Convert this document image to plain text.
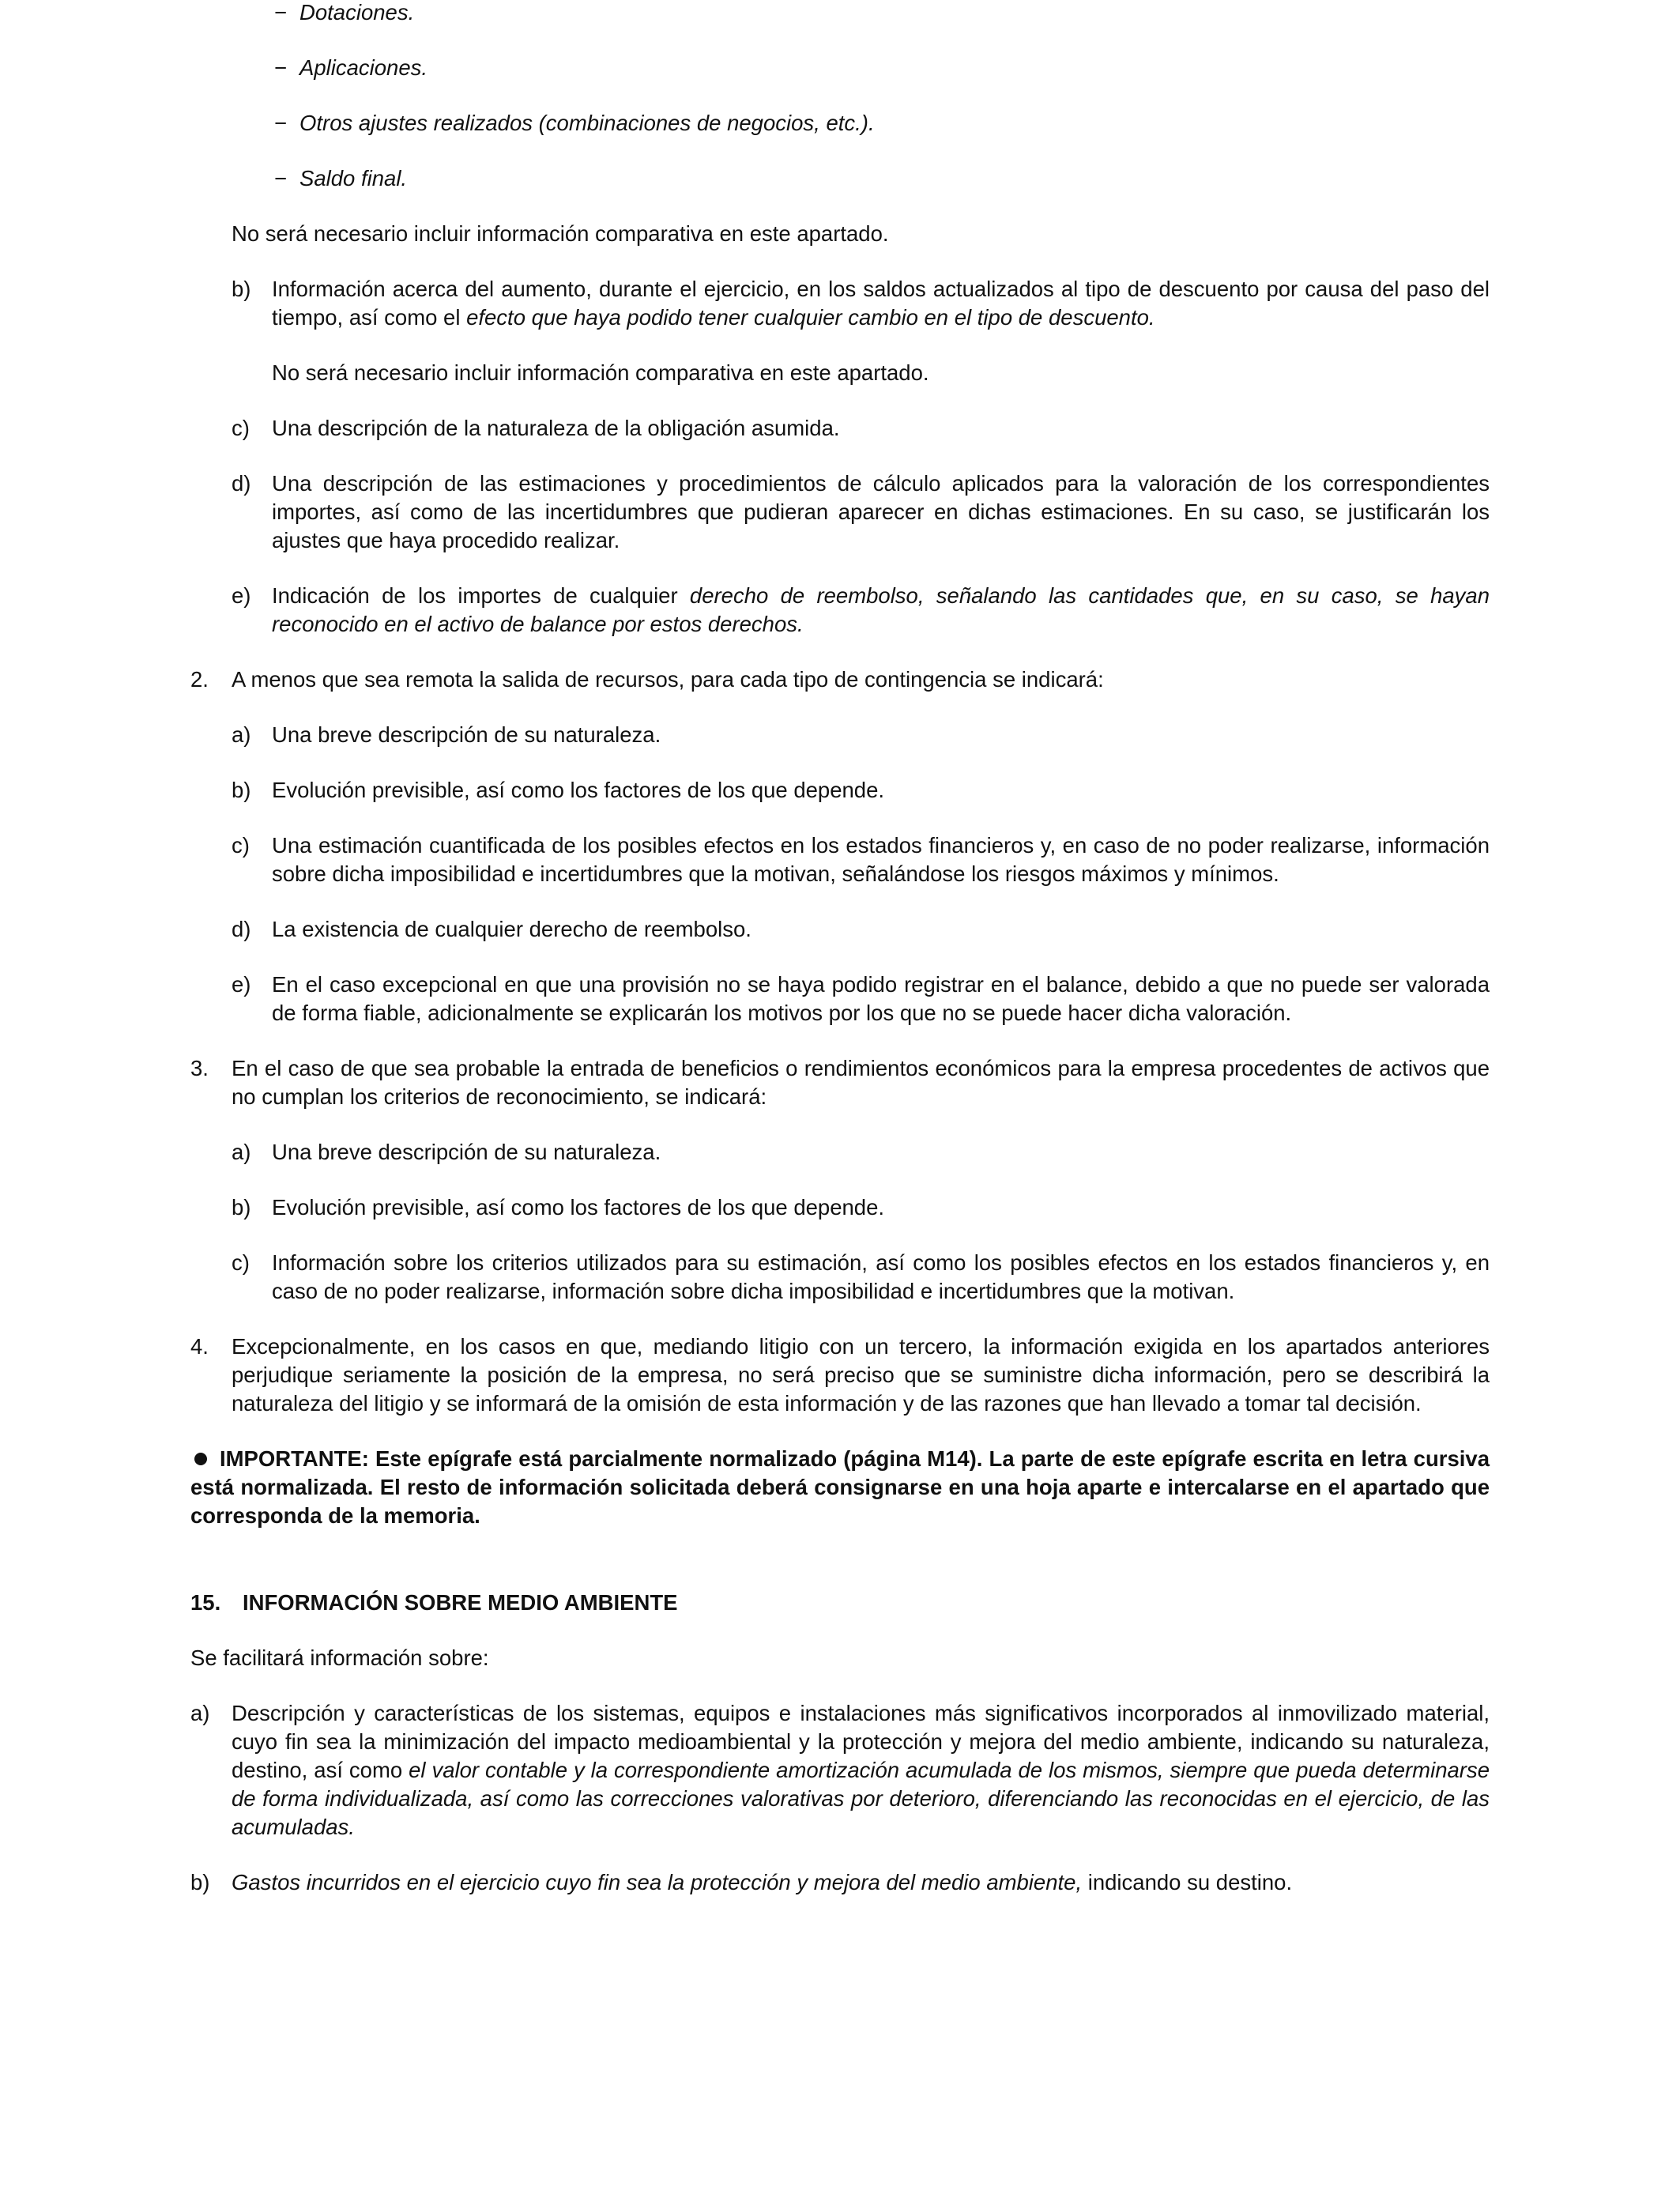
− Dotaciones.

− Aplicaciones.

− Otros ajustes realizados (combinaciones de negocios, etc.).

− Saldo final.

No será necesario incluir información comparativa en este apartado.

b) Información acerca del aumento, durante el ejercicio, en los saldos actualizados al tipo de descuento por causa del paso del tiempo, así como el efecto que haya podido tener cualquier cambio en el tipo de descuento.

No será necesario incluir información comparativa en este apartado.

c) Una descripción de la naturaleza de la obligación asumida.
d) Una descripción de las estimaciones y procedimientos de cálculo aplicados para la valoración de los correspondientes importes, así como de las incertidumbres que pudieran aparecer en dichas estimaciones. En su caso, se justificarán los ajustes que haya procedido realizar.
e) Indicación de los importes de cualquier derecho de reembolso, señalando las cantidades que, en su caso, se hayan reconocido en el activo de balance por estos derechos.
2. A menos que sea remota la salida de recursos, para cada tipo de contingencia se indicará:
a) Una breve descripción de su naturaleza.
b) Evolución previsible, así como los factores de los que depende.
c) Una estimación cuantificada de los posibles efectos en los estados financieros y, en caso de no poder realizarse, información sobre dicha imposibilidad e incertidumbres que la motivan, señalándose los riesgos máximos y mínimos.
d) La existencia de cualquier derecho de reembolso.
e) En el caso excepcional en que una provisión no se haya podido registrar en el balance, debido a que no puede ser valorada de forma fiable, adicionalmente se explicarán los motivos por los que no se puede hacer dicha valoración.
3. En el caso de que sea probable la entrada de beneficios o rendimientos económicos para la empresa procedentes de activos que no cumplan los criterios de reconocimiento, se indicará:
a) Una breve descripción de su naturaleza.
b) Evolución previsible, así como los factores de los que depende.
c) Información sobre los criterios utilizados para su estimación, así como los posibles efectos en los estados financieros y, en caso de no poder realizarse, información sobre dicha imposibilidad e incertidumbres que la motivan.
4. Excepcionalmente, en los casos en que, mediando litigio con un tercero, la información exigida en los apartados anteriores perjudique seriamente la posición de la empresa, no será preciso que se suministre dicha información, pero se describirá la naturaleza del litigio y se informará de la omisión de esta información y de las razones que han llevado a tomar tal decisión.

IMPORTANTE: Este epígrafe está parcialmente normalizado (página M14). La parte de este epígrafe escrita en letra cursiva está normalizada. El resto de información solicitada deberá consignarse en una hoja aparte e intercalarse en el apartado que corresponda de la memoria.

15. INFORMACIÓN SOBRE MEDIO AMBIENTE

Se facilitará información sobre:

a) Descripción y características de los sistemas, equipos e instalaciones más significativos incorporados al inmovilizado material, cuyo fin sea la minimización del impacto medioambiental y la protección y mejora del medio ambiente, indicando su naturaleza, destino, así como el valor contable y la correspondiente amortización acumulada de los mismos, siempre que pueda determinarse de forma individualizada, así como las correcciones valorativas por deterioro, diferenciando las reconocidas en el ejercicio, de las acumuladas.
b) Gastos incurridos en el ejercicio cuyo fin sea la protección y mejora del medio ambiente, indicando su destino.
